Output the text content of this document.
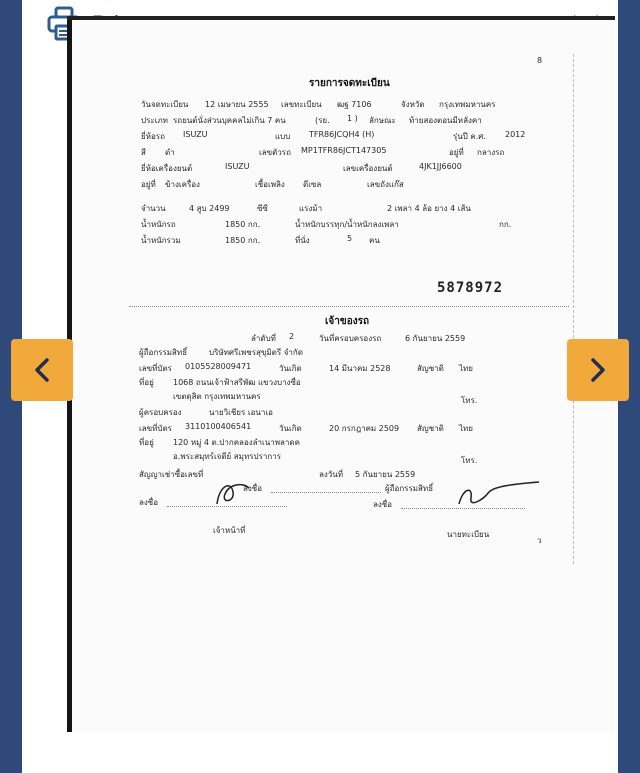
8
รายการจดทะเบียน
วันจดทะเบียน 12 เมษายน 2555 เลขทะเบียน ฒฐ 7106	จังหวัด กรุงเทพมหานคร
ประเภท รถยนต์นั่งส่วนบุคคลไม่เกิน 7 คน	(รย. 1 ) ลักษณะ ท้ายสองตอนมีหลังคา
ยี่ห้อรถ ISUZU	แบบ TFR86JCQH4 (H)	รุ่นปี ค.ศ. 2012
สี ดำ	เลขตัวรถ MP1TFR86JCT147305	อยู่ที่ กลางรถ
ยี่ห้อเครื่องยนต์	ISUZU	เลขเครื่องยนต์	4JK1JJ6600
อยู่ที่ ข้างเครื่อง	เชื้อเพลิง ดีเซล	เลขถังแก๊ส
จำนวน	4 สูบ 2499	ซีซี	แรงม้า	2 เพลา 4 ล้อ ยาง 4 เส้น
น้ำหนักรถ	1850 กก.	น้ำหนักบรรทุก/น้ำหนักลงเพลา	กก.
น้ำหนักรวม	1850 กก.	ที่นั่ง	5 คน
5878972
เจ้าของรถ
ลำดับที่ 2	วันที่ครอบครองรถ	6 กันยายน 2559
ผู้ถือกรรมสิทธิ์	บริษัทศรีเพชรสุขุมิตรี จำกัด
เลขที่บัตร 0105528009471	วันเกิด	14 มีนาคม 2528	สัญชาติ ไทย
ที่อยู่ 1068 ถนนเจ้าฟ้าสรีพัฒ แขวงบางซื่อ
เขตดุสิต กรุงเทพมหานคร	โทร.
ผู้ครอบครอง	นายวิเชียร เอนาเอ
เลขที่บัตร 3110100406541	วันเกิด	20 กรกฎาคม 2509 สัญชาติ ไทย
ที่อยู่ 120 หมู่ 4 ต.ปากคลองลำเนาพลาดค
อ.พระสมุทร์เจดีย์ สมุทรปราการ	โทร.
สัญญาเช่าซื้อเลขที่	ลงวันที่ 5 กันยายน 2559
ลงชื่อ	ผู้ถือกรรมสิทธิ์
ลงชื่อ	ลงชื่อ
เจ้าหน้าที่	นายทะเบียน
ว
